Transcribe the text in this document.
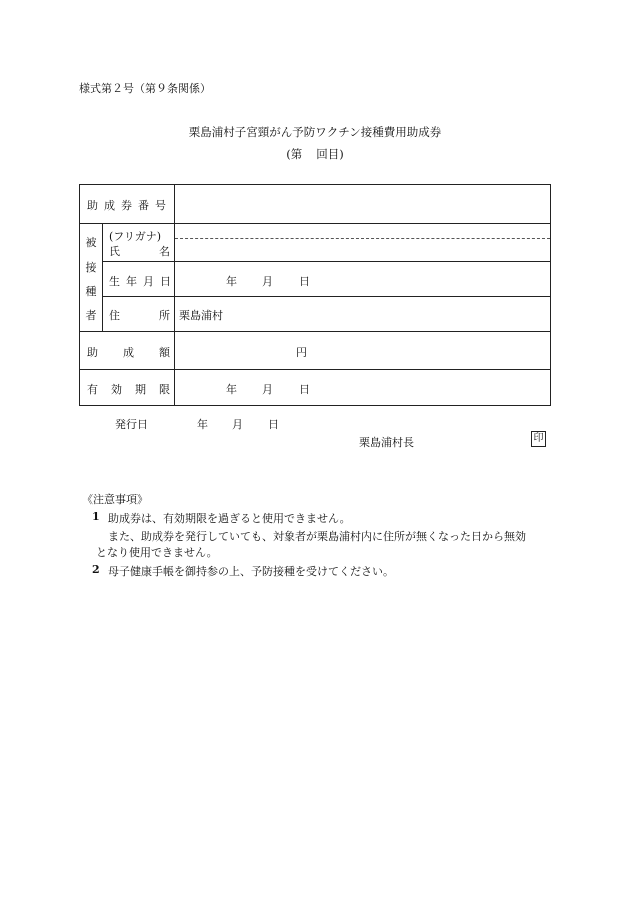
様式第２号（第９条関係）
栗島浦村子宮頸がん予防ワクチン接種費用助成券
(第 回目)
助成券番号
被
接
種
者
(フリガナ)
氏	名
生年月日	年 月 日
住	所 栗島浦村
助 成 額	円
有 効 期 限	年 月 日
発行日	年 月 日
栗島浦村長	印
《注意事項》
1 助成券は、有効期限を過ぎると使用できません。
また、助成券を発行していても、対象者が栗島浦村内に住所が無くなった日から無効
となり使用できません。
2 母子健康手帳を御持参の上、予防接種を受けてください。
